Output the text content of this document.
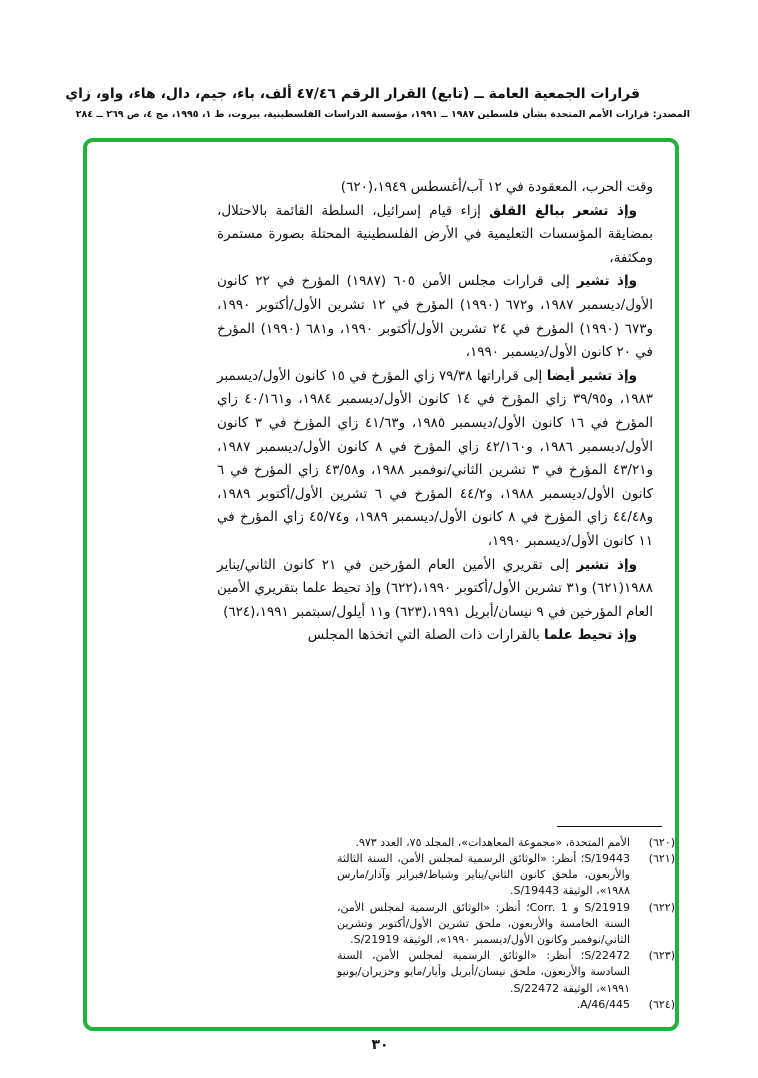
قرارات الجمعية العامة ــ (تابع) القرار الرقم ٤٧/٤٦ ألف، باء، جيم، دال، هاء، واو، زاي
المصدر: قرارات الأمم المتحدة بشأن فلسطين ١٩٨٧ ــ ١٩٩١، مؤسسة الدراسات الفلسطينية، بيروت، ط ١، ١٩٩٥، مج ٤، ص ٢٦٩ ــ ٢٨٤

وقت الحرب، المعقودة في ١٢ آب/أغسطس ١٩٤٩،(٦٢٠)

وإذ تشعر ببالغ القلق إزاء قيام إسرائيل، السلطة القائمة بالاحتلال، بمضايقة المؤسسات التعليمية في الأرض الفلسطينية المحتلة بصورة مستمرة ومكثفة،

وإذ تشير إلى قرارات مجلس الأمن ٦٠٥ (١٩٨٧) المؤرخ في ٢٢ كانون الأول/ديسمبر ١٩٨٧، و٦٧٢ (١٩٩٠) المؤرخ في ١٢ تشرين الأول/أكتوبر ١٩٩٠، و٦٧٣ (١٩٩٠) المؤرخ في ٢٤ تشرين الأول/أكتوبر ١٩٩٠، و٦٨١ (١٩٩٠) المؤرخ في ٢٠ كانون الأول/ديسمبر ١٩٩٠،

وإذ تشير أيضا إلى قراراتها ٧٩/٣٨ زاي المؤرخ في ١٥ كانون الأول/ديسمبر ١٩٨٣، و٣٩/٩٥ زاي المؤرخ في ١٤ كانون الأول/ديسمبر ١٩٨٤، و٤٠/١٦١ زاي المؤرخ في ١٦ كانون الأول/ديسمبر ١٩٨٥، و٤١/٦٣ زاي المؤرخ في ٣ كانون الأول/ديسمبر ١٩٨٦، و٤٢/١٦٠ زاي المؤرخ في ٨ كانون الأول/ديسمبر ١٩٨٧، و٤٣/٢١ المؤرخ في ٣ تشرين الثاني/نوفمبر ١٩٨٨، و٤٣/٥٨ زاي المؤرخ في ٦ كانون الأول/ديسمبر ١٩٨٨، و٤٤/٢ المؤرخ في ٦ تشرين الأول/أكتوبر ١٩٨٩، و٤٤/٤٨ زاي المؤرخ في ٨ كانون الأول/ديسمبر ١٩٨٩، و٤٥/٧٤ زاي المؤرخ في ١١ كانون الأول/ديسمبر ١٩٩٠،

وإذ تشير إلى تقريري الأمين العام المؤرخين في ٢١ كانون الثاني/يناير ١٩٨٨(٦٢١) و٣١ تشرين الأول/أكتوبر ١٩٩٠،(٦٢٢) وإذ تحيط علما بتقريري الأمين العام المؤرخين في ٩ نيسان/أبريل ١٩٩١،(٦٢٣) و١١ أيلول/سبتمبر ١٩٩١،(٦٢٤)

وإذ تحيط علما بالقرارات ذات الصلة التي اتخذها المجلس

(٦٢٠)
الأمم المتحدة، «مجموعة المعاهدات»، المجلد ٧٥، العدد ٩٧٣.
(٦٢١)
S/19443؛ أنظر: «الوثائق الرسمية لمجلس الأمن، السنة الثالثة والأربعون، ملحق كانون الثاني/يناير وشباط/فبراير وآذار/مارس ١٩٨٨»، الوثيقة S/19443.
(٦٢٢)
S/21919 و Corr. 1؛ أنظر: «الوثائق الرسمية لمجلس الأمن، السنة الخامسة والأربعون، ملحق تشرين الأول/أكتوبر وتشرين الثاني/نوفمبر وكانون الأول/ديسمبر ١٩٩٠»، الوثيقة S/21919.
(٦٢٣)
S/22472؛ أنظر: «الوثائق الرسمية لمجلس الأمن، السنة السادسة والأربعون، ملحق نيسان/أبريل وأيار/مايو وحزيران/يونيو ١٩٩١»، الوثيقة S/22472.
(٦٢٤)
A/46/445.
٣٠
